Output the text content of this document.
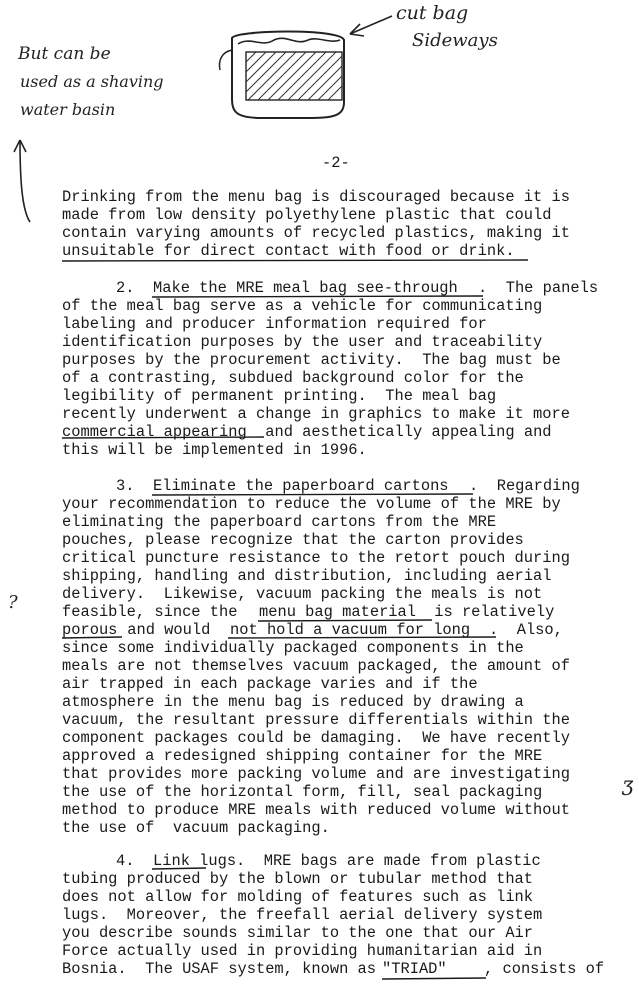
cut bag
Sideways
But can be
used as a shaving
water basin
?
Ʒ
-2-
Drinking from the menu bag is discouraged because it is
made from low density polyethylene plastic that could
contain varying amounts of recycled plastics, making it
unsuitable for direct contact with food or drink.
2. Make the MRE meal bag see-through .  The panels
of the meal bag serve as a vehicle for communicating
labeling and producer information required for
identification purposes by the user and traceability
purposes by the procurement activity.  The bag must be
of a contrasting, subdued background color for the
legibility of permanent printing.  The meal bag
recently underwent a change in graphics to make it more
commercial appearing and aesthetically appealing and
this will be implemented in 1996.
3. Eliminate the paperboard cartons .  Regarding
your recommendation to reduce the volume of the MRE by
eliminating the paperboard cartons from the MRE
pouches, please recognize that the carton provides
critical puncture resistance to the retort pouch during
shipping, handling and distribution, including aerial
delivery.  Likewise, vacuum packing the meals is not
feasible, since the menu bag material is relatively
porous and would not hold a vacuum for long .  Also,
since some individually packaged components in the
meals are not themselves vacuum packaged, the amount of
air trapped in each package varies and if the
atmosphere in the menu bag is reduced by drawing a
vacuum, the resultant pressure differentials within the
component packages could be damaging.  We have recently
approved a redesigned shipping container for the MRE
that provides more packing volume and are investigating
the use of the horizontal form, fill, seal packaging
method to produce MRE meals with reduced volume without
the use of  vacuum packaging.
4. Link lugs .  MRE bags are made from plastic
tubing produced by the blown or tubular method that
does not allow for molding of features such as link
lugs.  Moreover, the freefall aerial delivery system
you describe sounds similar to the one that our Air
Force actually used in providing humanitarian aid in
Bosnia.  The USAF system, known as
"TRIAD" , consists of
